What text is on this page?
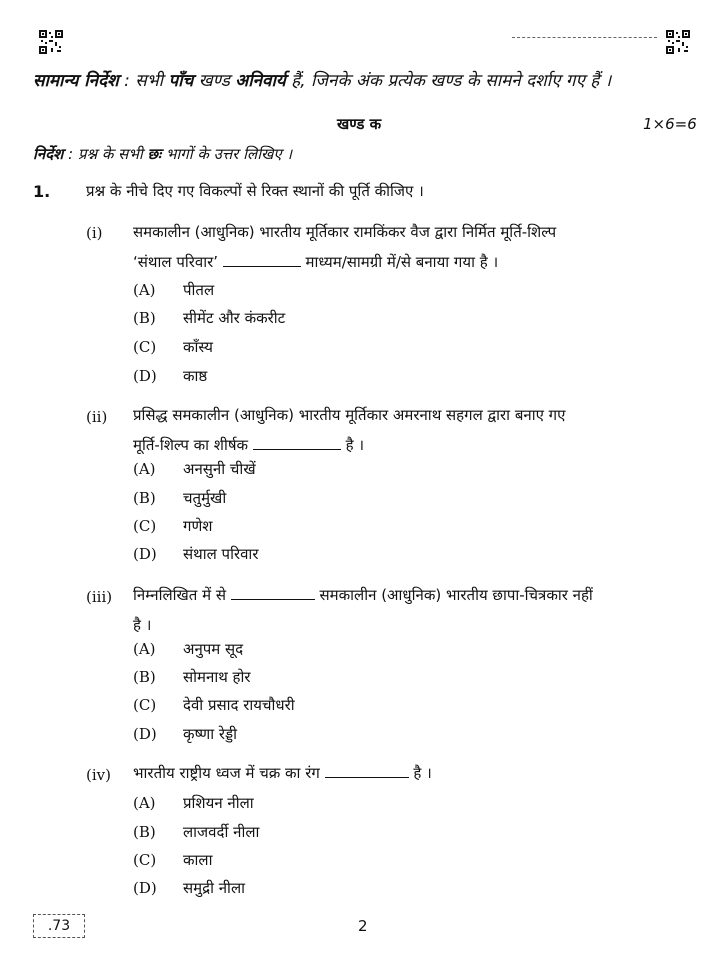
सामान्य निर्देश : सभी पाँच खण्ड अनिवार्य हैं, जिनके अंक प्रत्येक खण्ड के सामने दर्शाए गए हैं ।
खण्ड क	1×6=6
निर्देश : प्रश्न के सभी छः भागों के उत्तर लिखिए ।
1. प्रश्न के नीचे दिए गए विकल्पों से रिक्त स्थानों की पूर्ति कीजिए ।
(i) समकालीन (आधुनिक) भारतीय मूर्तिकार रामकिंकर वैज द्वारा निर्मित मूर्ति-शिल्प
‘संथाल परिवार’	माध्यम/सामग्री में/से बनाया गया है ।
(A) पीतल
(B) सीमेंट और कंकरीट
(C) काँस्य
(D) काष्ठ
(ii) प्रसिद्ध समकालीन (आधुनिक) भारतीय मूर्तिकार अमरनाथ सहगल द्वारा बनाए गए
मूर्ति-शिल्प का शीर्षक	है ।
(A) अनसुनी चीखें
(B) चतुर्मुखी
(C) गणेश
(D) संथाल परिवार
(iii) निम्नलिखित में से	समकालीन (आधुनिक) भारतीय छापा-चित्रकार नहीं
है ।
(A) अनुपम सूद
(B) सोमनाथ होर
(C) देवी प्रसाद रायचौधरी
(D) कृष्णा रेड्डी
(iv) भारतीय राष्ट्रीय ध्वज में चक्र का रंग	है ।
(A) प्रशियन नीला
(B) लाजवर्दी नीला
(C) काला
(D) समुद्री नीला
.73	2
